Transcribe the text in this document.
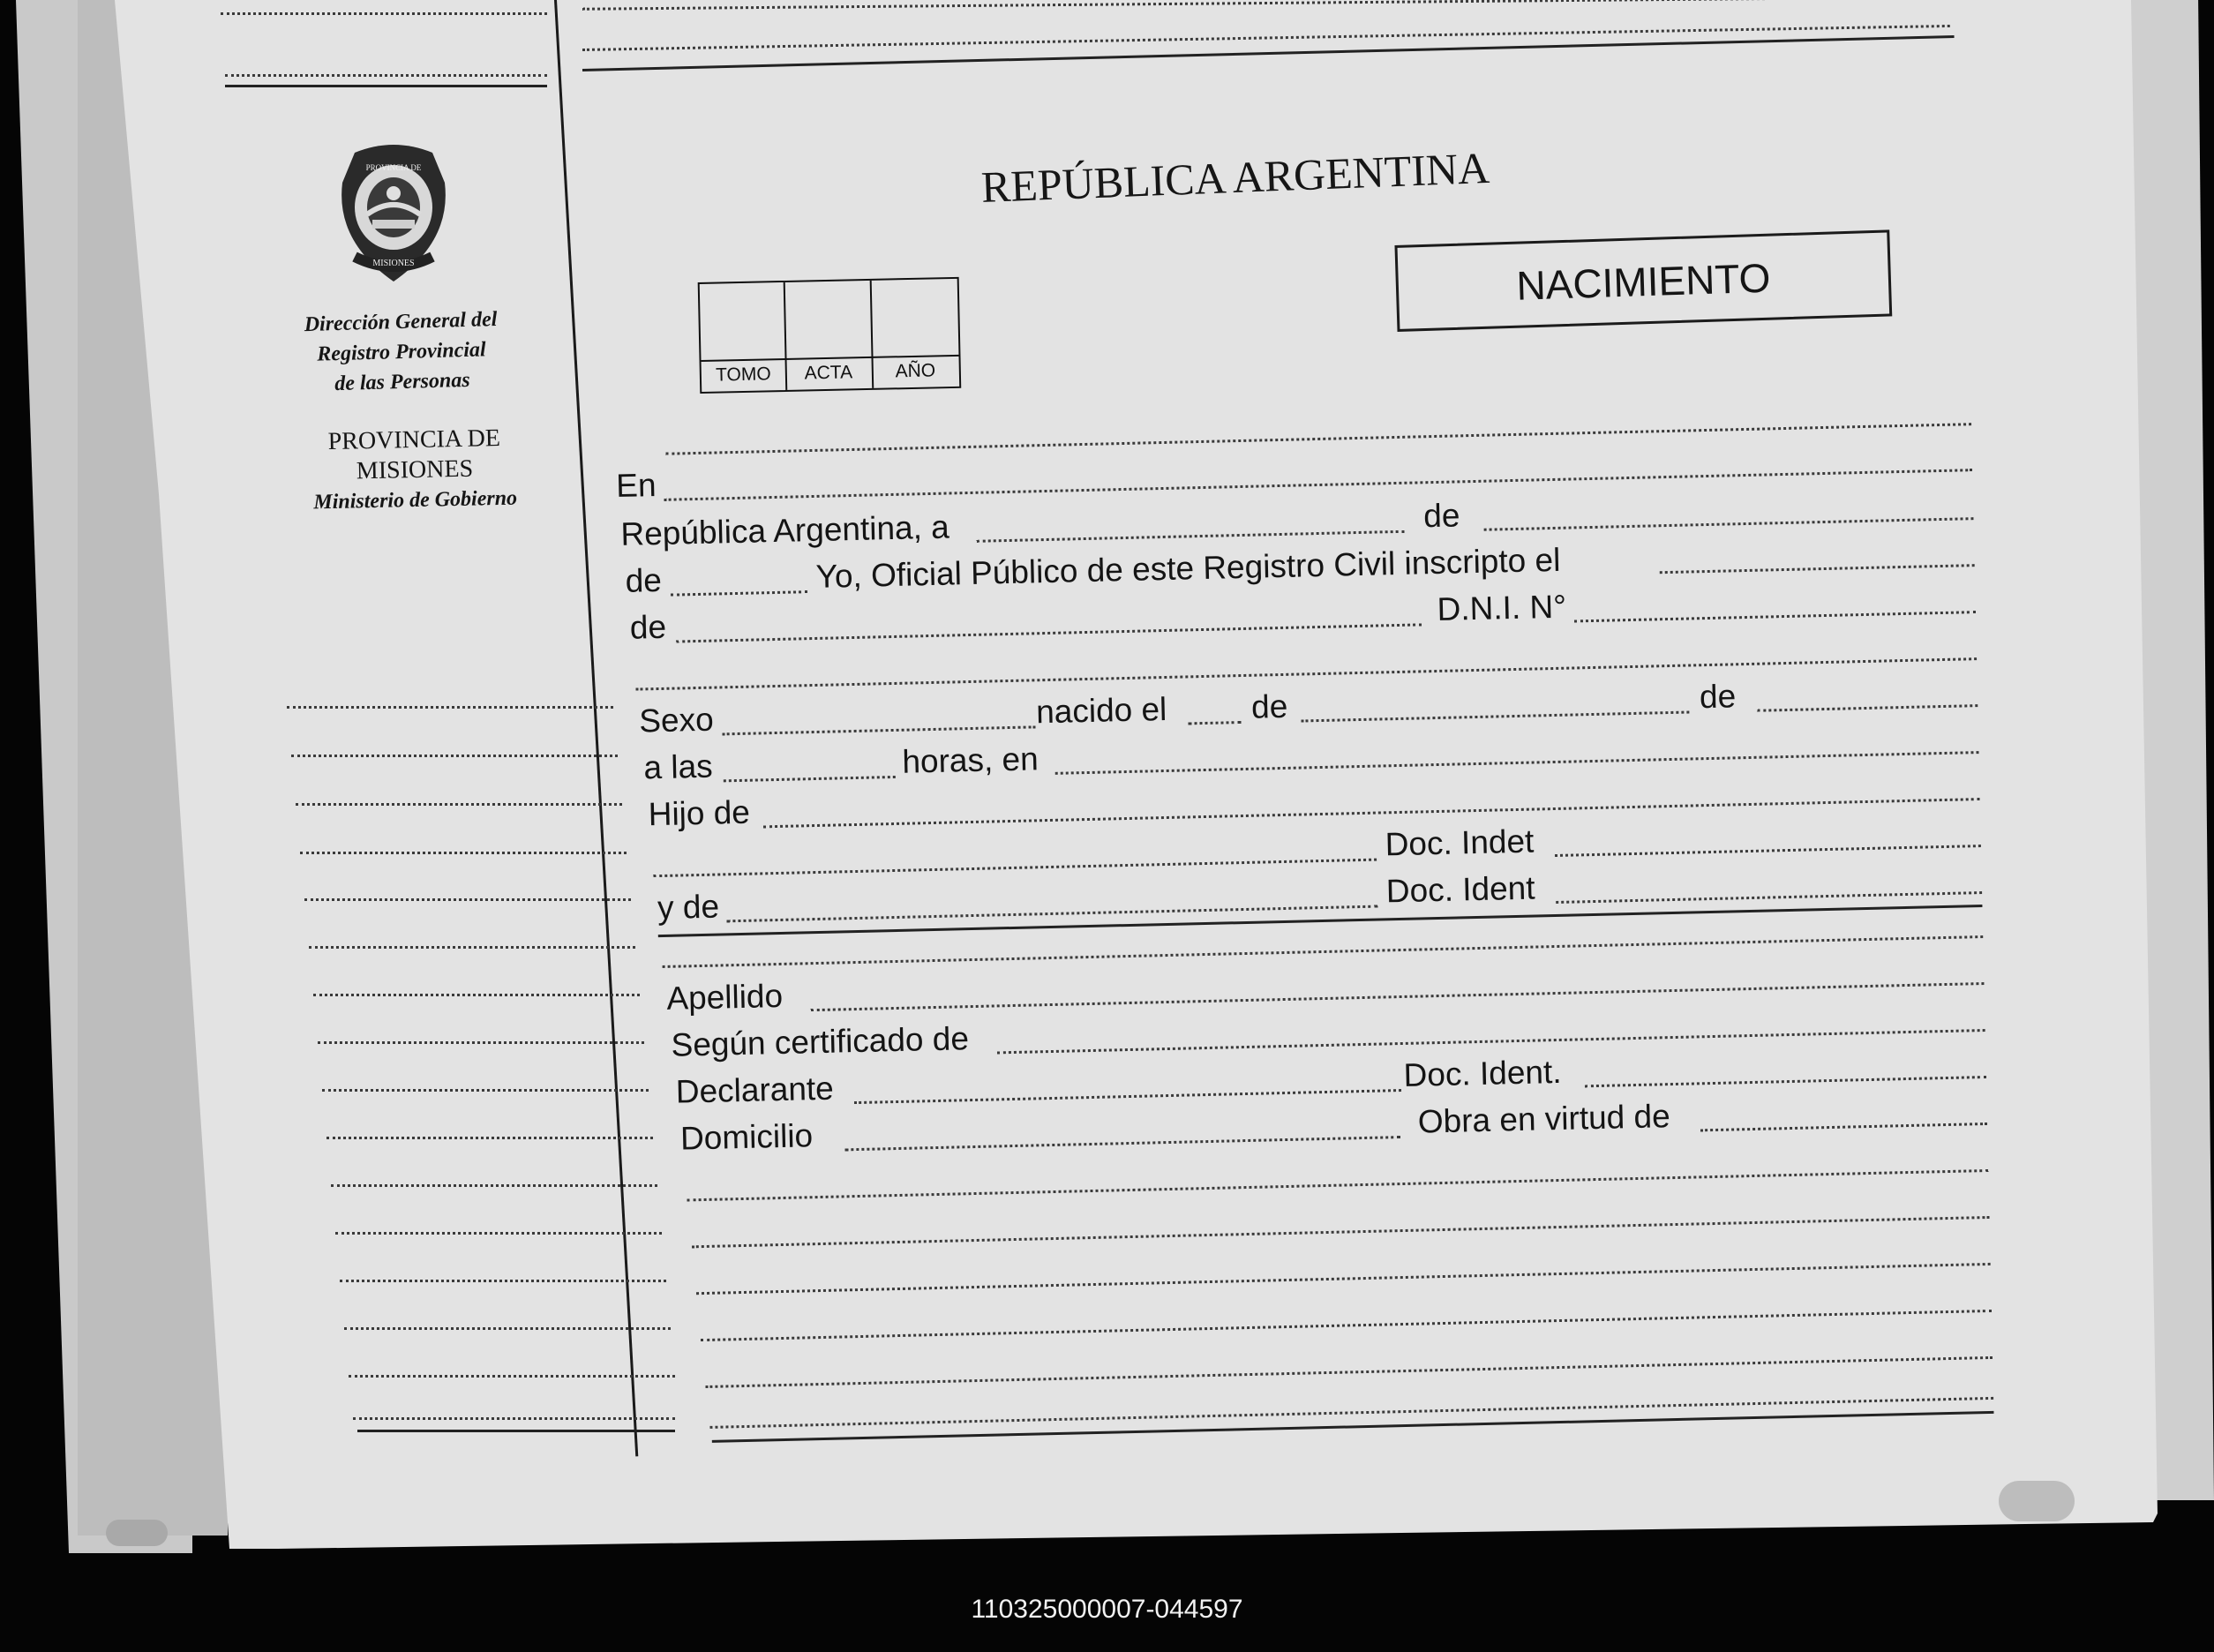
PROVINCIA DE
MISIONES
Dirección General del
Registro Provincial
de las Personas
PROVINCIA DE
MISIONES
Ministerio de Gobierno
REPÚBLICA ARGENTINA
NACIMIENTO
TOMO	ACTA	AÑO
En
República Argentina, a	de
de	Yo, Oficial Público de este Registro Civil inscripto el
de	D.N.I. N°
Sexo	nacido el	de	de
a las	horas, en
Hijo de
Doc. Indet
y de	Doc. Ident
Apellido
Según certificado de
Declarante	Doc. Ident.
Domicilio	Obra en virtud de
110325000007-044597
